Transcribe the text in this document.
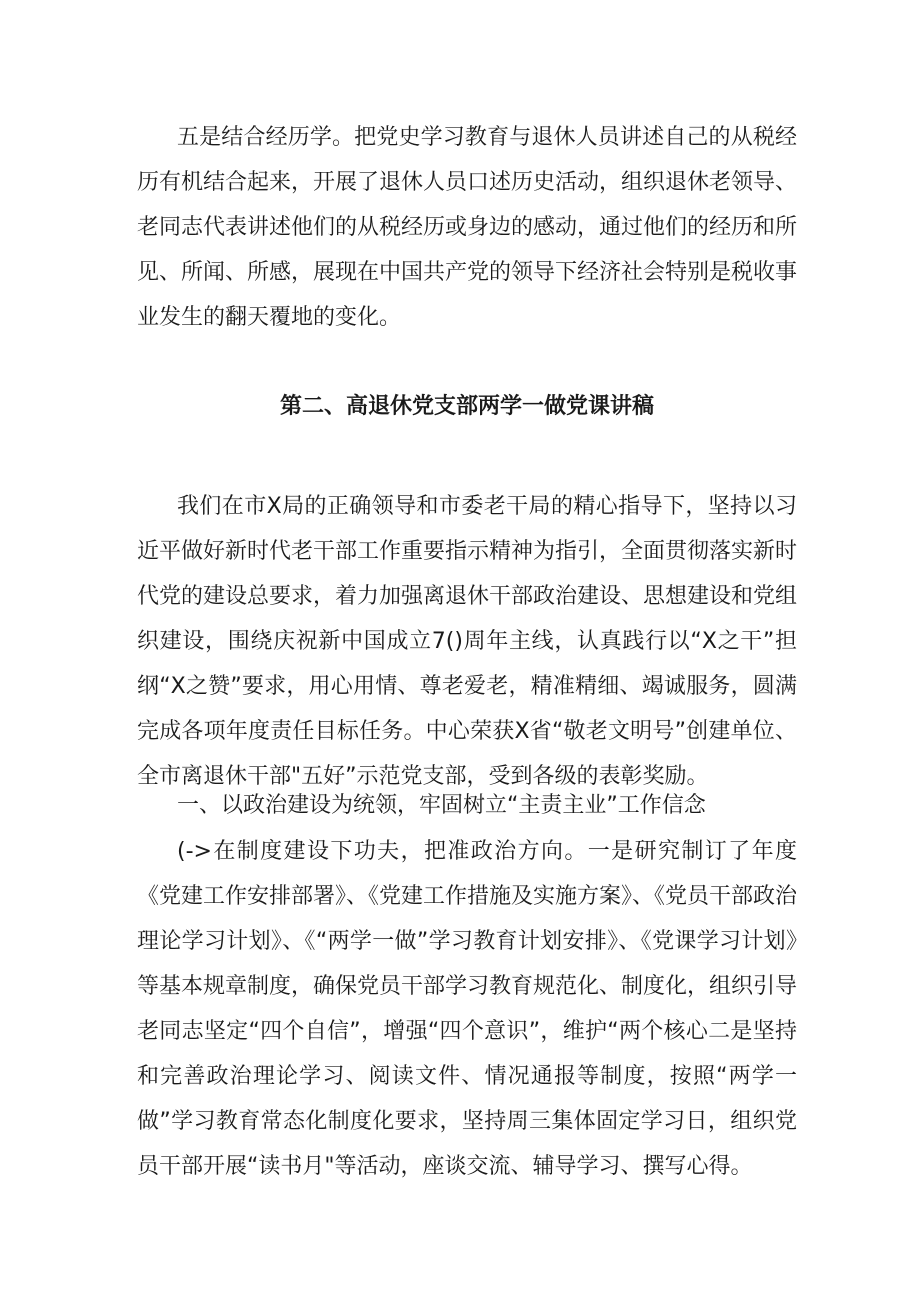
五是结合经历学。把党史学习教育与退休人员讲述自己的从税经历有机结合起来，开展了退休人员口述历史活动，组织退休老领导、老同志代表讲述他们的从税经历或身边的感动，通过他们的经历和所见、所闻、所感，展现在中国共产党的领导下经济社会特别是税收事业发生的翻天覆地的变化。

第二、高退休党支部两学一做党课讲稿

我们在市X局的正确领导和市委老干局的精心指导下，坚持以习近平做好新时代老干部工作重要指示精神为指引，全面贯彻落实新时代党的建设总要求，着力加强离退休干部政治建设、思想建设和党组织建设，围绕庆祝新中国成立7()周年主线，认真践行以“X之干”担纲“X之赞”要求，用心用情、尊老爱老，精准精细、竭诚服务，圆满完成各项年度责任目标任务。中心荣获X省“敬老文明号”创建单位、全市离退休干部"五好”示范党支部，受到各级的表彰奖励。

一、以政治建设为统领，牢固树立“主责主业”工作信念

(->在制度建设下功夫，把准政治方向。一是研究制订了年度《党建工作安排部署》、《党建工作措施及实施方案》、《党员干部政治理论学习计划》、《“两学一做”学习教育计划安排》、《党课学习计划》等基本规章制度，确保党员干部学习教育规范化、制度化，组织引导老同志坚定“四个自信”，增强“四个意识”，维护“两个核心二是坚持和完善政治理论学习、阅读文件、情况通报等制度，按照“两学一做”学习教育常态化制度化要求，坚持周三集体固定学习日，组织党员干部开展“读书月"等活动，座谈交流、辅导学习、撰写心得。
